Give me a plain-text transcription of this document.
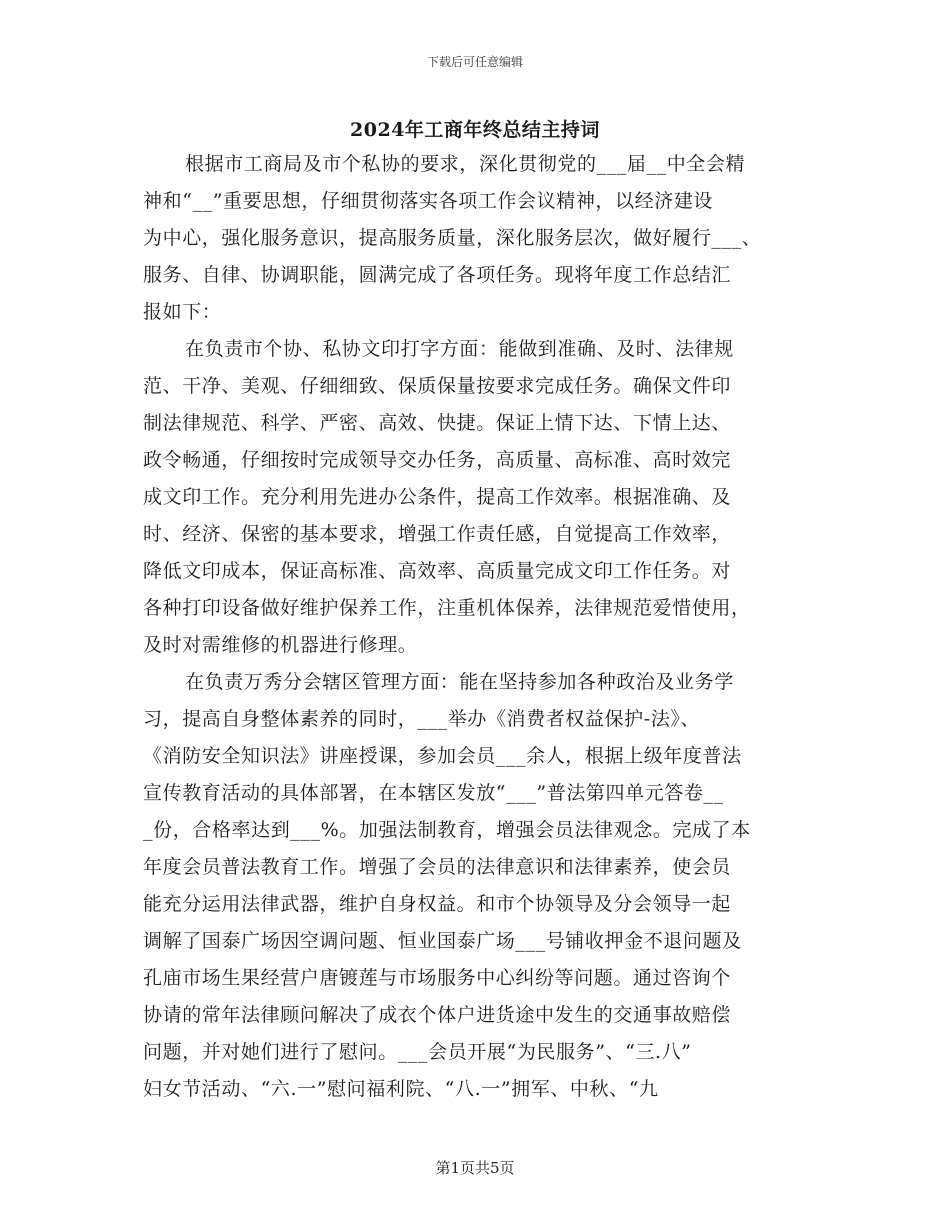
下载后可任意编辑
2024年工商年终总结主持词
根据市工商局及市个私协的要求，深化贯彻党的___届__中全会精
神和“__”重要思想，仔细贯彻落实各项工作会议精神，以经济建设
为中心，强化服务意识，提高服务质量，深化服务层次，做好履行___、
服务、自律、协调职能，圆满完成了各项任务。现将年度工作总结汇
报如下：
在负责市个协、私协文印打字方面：能做到准确、及时、法律规
范、干净、美观、仔细细致、保质保量按要求完成任务。确保文件印
制法律规范、科学、严密、高效、快捷。保证上情下达、下情上达、
政令畅通，仔细按时完成领导交办任务，高质量、高标准、高时效完
成文印工作。充分利用先进办公条件，提高工作效率。根据准确、及
时、经济、保密的基本要求，增强工作责任感，自觉提高工作效率，
降低文印成本，保证高标准、高效率、高质量完成文印工作任务。对
各种打印设备做好维护保养工作，注重机体保养，法律规范爱惜使用，
及时对需维修的机器进行修理。
在负责万秀分会辖区管理方面：能在坚持参加各种政治及业务学
习，提高自身整体素养的同时，___举办《消费者权益保护-法》、
《消防安全知识法》讲座授课，参加会员___余人，根据上级年度普法
宣传教育活动的具体部署，在本辖区发放“___”普法第四单元答卷__
_份，合格率达到___%。加强法制教育，增强会员法律观念。完成了本
年度会员普法教育工作。增强了会员的法律意识和法律素养，使会员
能充分运用法律武器，维护自身权益。和市个协领导及分会领导一起
调解了国泰广场因空调问题、恒业国泰广场___号铺收押金不退问题及
孔庙市场生果经营户唐镀莲与市场服务中心纠纷等问题。通过咨询个
协请的常年法律顾问解决了成衣个体户进货途中发生的交通事故赔偿
问题，并对她们进行了慰问。___会员开展“为民服务”、“三.八”
妇女节活动、“六.一”慰问福利院、“八.一”拥军、中秋、“九
第1页共5页
